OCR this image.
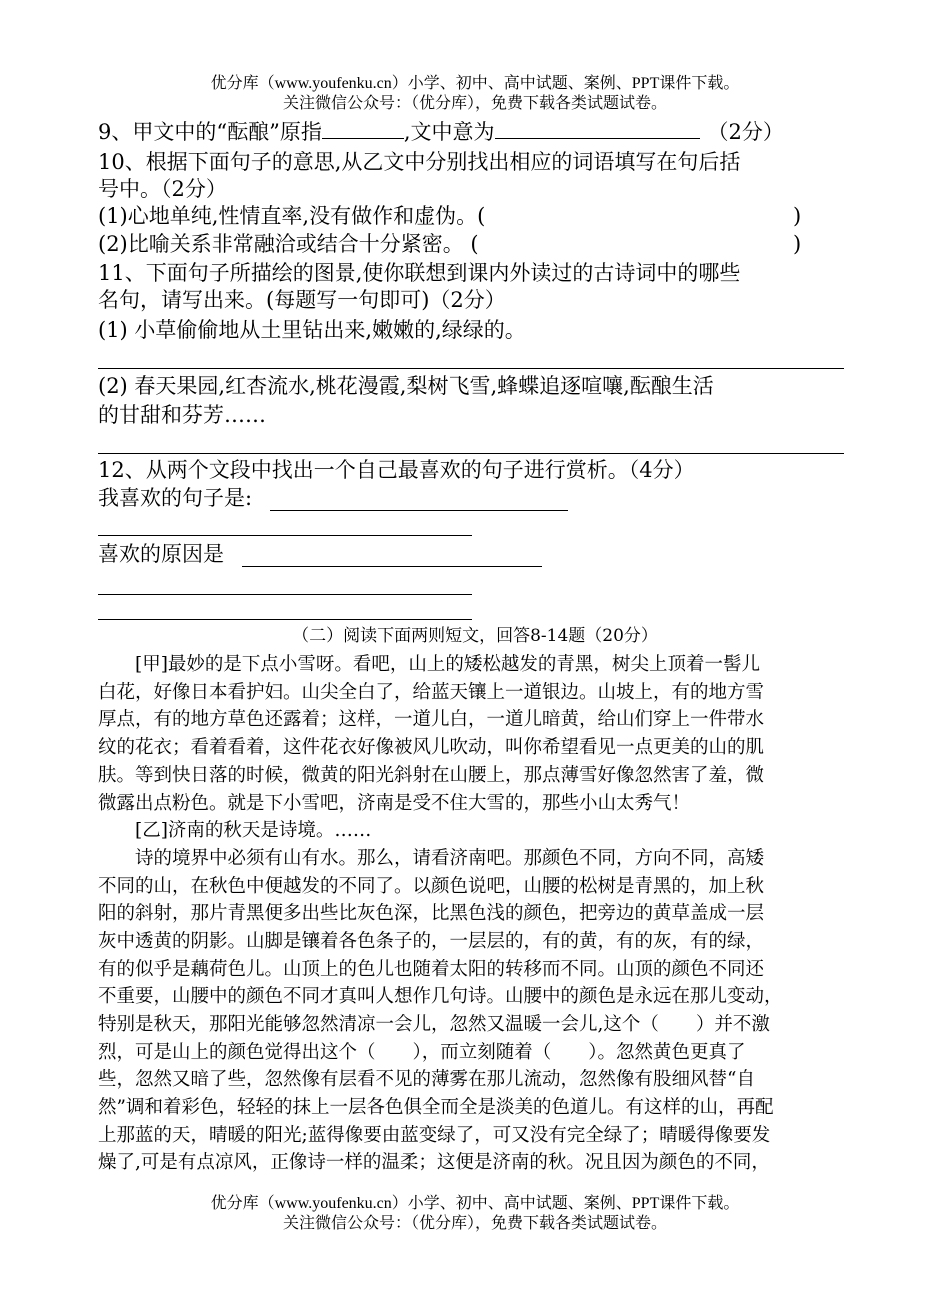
优分库（www.youfenku.cn）小学、初中、高中试题、案例、PPT课件下载。
关注微信公众号：（优分库），免费下载各类试题试卷。
9、甲文中的“酝酿”原指	,文中意为	（2分）
10、根据下面句子的意思,从乙文中分别找出相应的词语填写在句后括
号中。（2分）
(1)心地单纯,性情直率,没有做作和虚伪。(	)
(2)比喻关系非常融洽或结合十分紧密。 (	)
11、下面句子所描绘的图景,使你联想到课内外读过的古诗词中的哪些
名句，请写出来。(每题写一句即可)（2分）
(1) 小草偷偷地从土里钻出来,嫩嫩的,绿绿的。
(2) 春天果园,红杏流水,桃花漫霞,梨树飞雪,蜂蝶追逐喧嚷,酝酿生活
的甘甜和芬芳……
12、从两个文段中找出一个自己最喜欢的句子进行赏析。（4分）
我喜欢的句子是:
喜欢的原因是
（二）阅读下面两则短文，回答8-14题（20分）
　　[甲]最妙的是下点小雪呀。看吧，山上的矮松越发的青黑，树尖上顶着一髻儿
白花，好像日本看护妇。山尖全白了，给蓝天镶上一道银边。山坡上，有的地方雪
厚点，有的地方草色还露着；这样，一道儿白，一道儿暗黄，给山们穿上一件带水
纹的花衣；看着看着，这件花衣好像被风儿吹动，叫你希望看见一点更美的山的肌
肤。等到快日落的时候，微黄的阳光斜射在山腰上，那点薄雪好像忽然害了羞，微
微露出点粉色。就是下小雪吧，济南是受不住大雪的，那些小山太秀气！
　　[乙]济南的秋天是诗境。……
　　诗的境界中必须有山有水。那么，请看济南吧。那颜色不同，方向不同，高矮
不同的山，在秋色中便越发的不同了。以颜色说吧，山腰的松树是青黑的，加上秋
阳的斜射，那片青黑便多出些比灰色深，比黑色浅的颜色，把旁边的黄草盖成一层
灰中透黄的阴影。山脚是镶着各色条子的，一层层的，有的黄，有的灰，有的绿，
有的似乎是藕荷色儿。山顶上的色儿也随着太阳的转移而不同。山顶的颜色不同还
不重要，山腰中的颜色不同才真叫人想作几句诗。山腰中的颜色是永远在那儿变动，
特别是秋天，那阳光能够忽然清凉一会儿，忽然又温暖一会儿,这个（　　）并不激
烈，可是山上的颜色觉得出这个（　　），而立刻随着（　　）。忽然黄色更真了
些，忽然又暗了些，忽然像有层看不见的薄雾在那儿流动，忽然像有股细风替“自
然”调和着彩色，轻轻的抹上一层各色俱全而全是淡美的色道儿。有这样的山，再配
上那蓝的天，晴暖的阳光;蓝得像要由蓝变绿了，可又没有完全绿了；晴暖得像要发
燥了,可是有点凉风，正像诗一样的温柔；这便是济南的秋。况且因为颜色的不同，
优分库（www.youfenku.cn）小学、初中、高中试题、案例、PPT课件下载。
关注微信公众号：（优分库），免费下载各类试题试卷。
